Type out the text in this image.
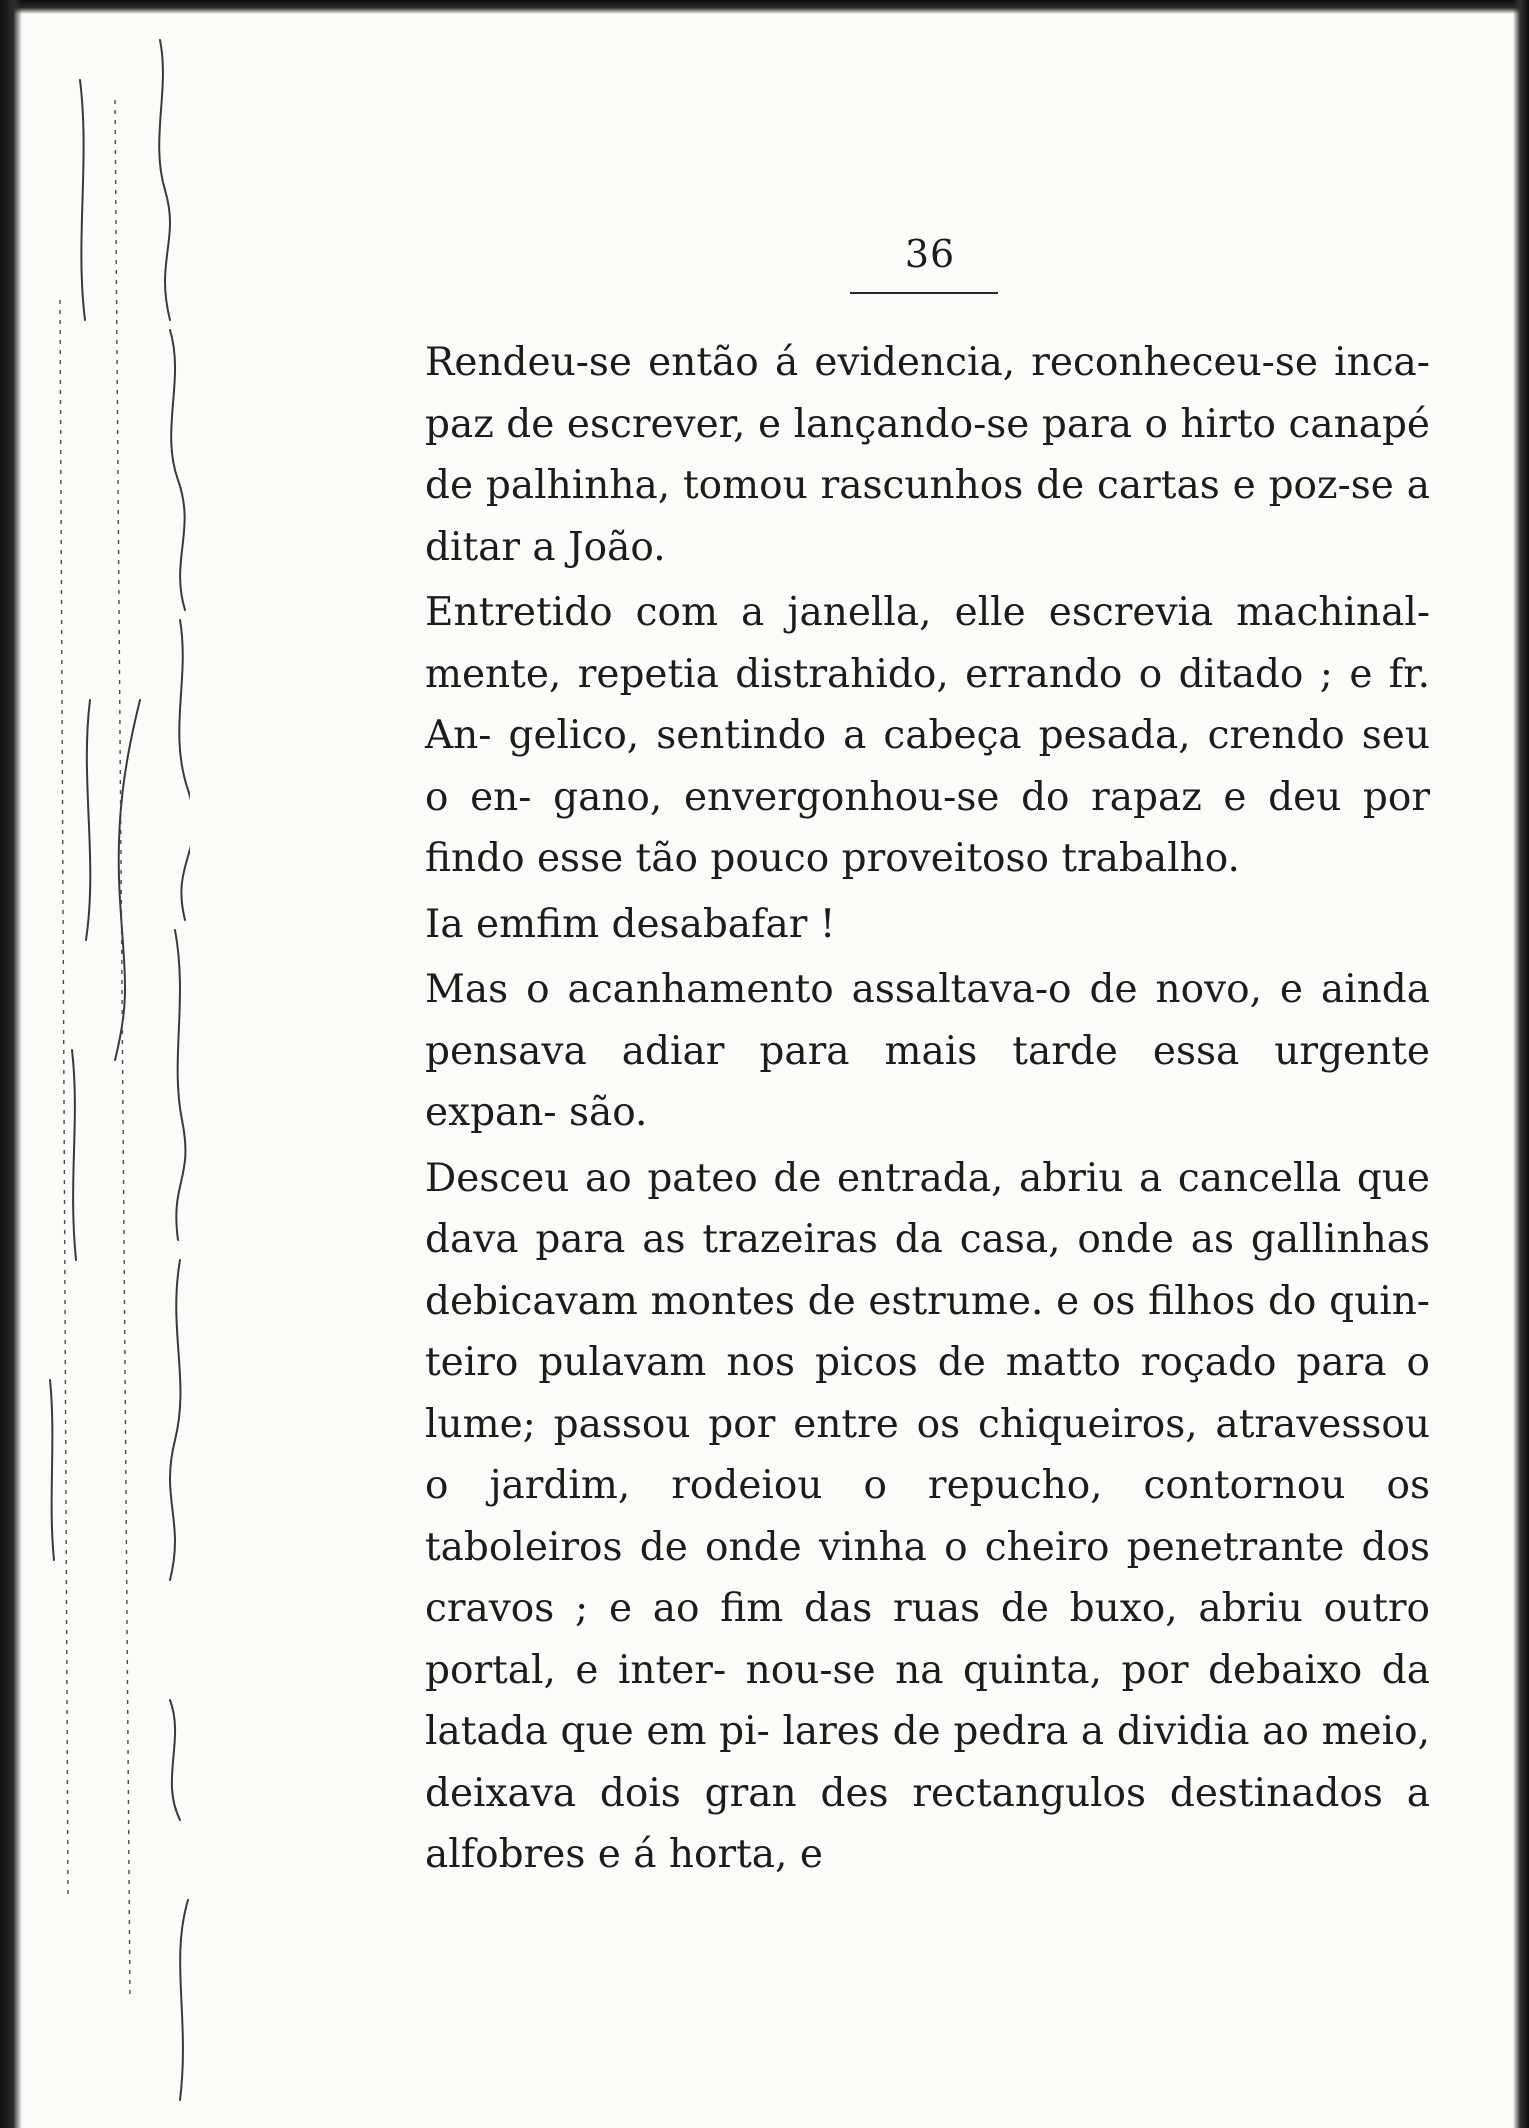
36

Rendeu-se então á evidencia, reconheceu-se inca- paz de escrever, e lançando-se para o hirto canapé de palhinha, tomou rascunhos de cartas e poz-se a ditar a João.

Entretido com a janella, elle escrevia machinal- mente, repetia distrahido, errando o ditado ; e fr. An- gelico, sentindo a cabeça pesada, crendo seu o en- gano, envergonhou-se do rapaz e deu por findo esse tão pouco proveitoso trabalho.

Ia emfim desabafar !

Mas o acanhamento assaltava-o de novo, e ainda pensava adiar para mais tarde essa urgente expan- são.

Desceu ao pateo de entrada, abriu a cancella que dava para as trazeiras da casa, onde as gallinhas debicavam montes de estrume. e os filhos do quin- teiro pulavam nos picos de matto roçado para o lume; passou por entre os chiqueiros, atravessou o jardim, rodeiou o repucho, contornou os taboleiros de onde vinha o cheiro penetrante dos cravos ; e ao fim das ruas de buxo, abriu outro portal, e inter- nou-se na quinta, por debaixo da latada que em pi- lares de pedra a dividia ao meio, deixava dois gran des rectangulos destinados a alfobres e á horta, e
